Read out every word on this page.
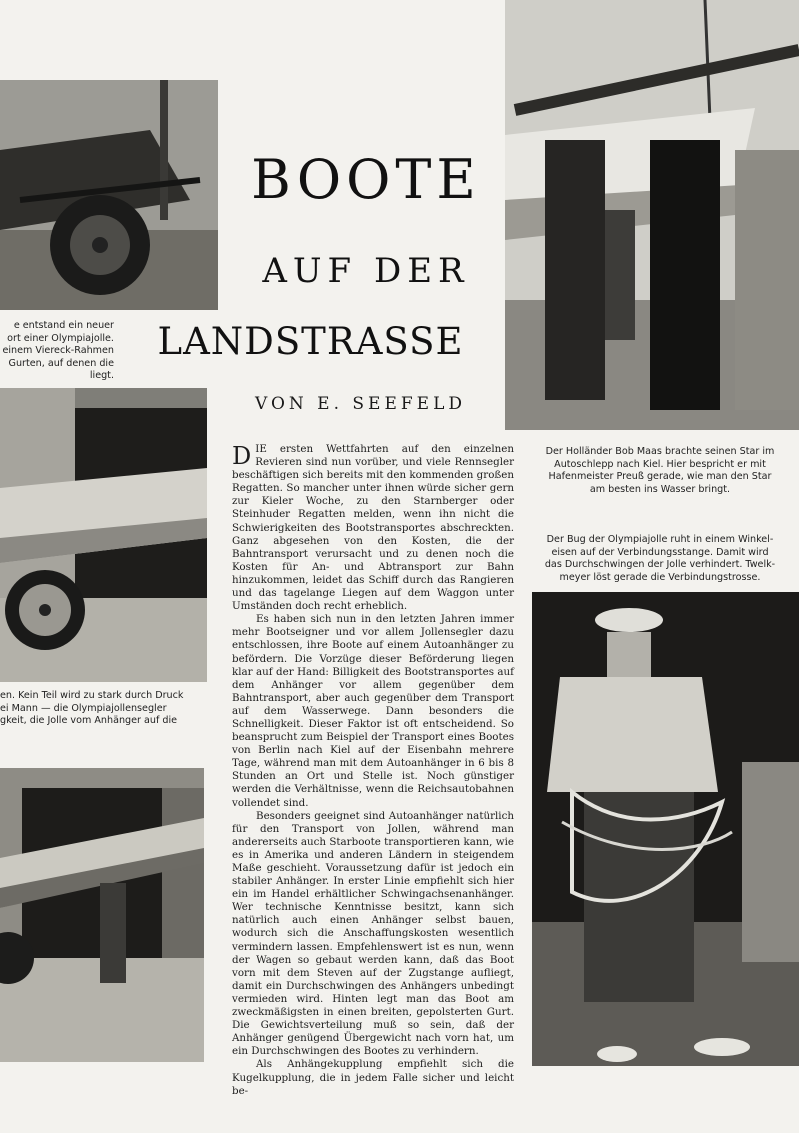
e entstand ein neuer
ort einer Olympiajolle.
einem Viereck-Rahmen
Gurten, auf denen die
liegt.

en. Kein Teil wird zu stark durch Druck
ei Mann — die Olympiajollensegler
gkeit, die Jolle vom Anhänger auf die

BOOTE
AUF DER
LANDSTRASSE

VON E. SEEFELD

DIE ersten Wettfahrten auf den einzelnen Revieren sind nun vorüber, und viele Rennsegler beschäftigen sich bereits mit den kommenden großen Regatten. So mancher unter ihnen würde sicher gern zur Kieler Woche, zu den Starnberger oder Steinhuder Regatten melden, wenn ihn nicht die Schwierigkeiten des Bootstransportes abschreckten. Ganz abgesehen von den Kosten, die der Bahntransport verursacht und zu denen noch die Kosten für An- und Abtransport zur Bahn hinzukommen, leidet das Schiff durch das Rangieren und das tagelange Liegen auf dem Waggon unter Umständen doch recht erheblich.

Es haben sich nun in den letzten Jahren immer mehr Bootseigner und vor allem Jollensegler dazu entschlossen, ihre Boote auf einem Autoanhänger zu befördern. Die Vorzüge dieser Beförderung liegen klar auf der Hand: Billigkeit des Bootstransportes auf dem Anhänger vor allem gegenüber dem Bahntransport, aber auch gegenüber dem Transport auf dem Wasserwege. Dann besonders die Schnelligkeit. Dieser Faktor ist oft entscheidend. So beansprucht zum Beispiel der Transport eines Bootes von Berlin nach Kiel auf der Eisenbahn mehrere Tage, während man mit dem Autoanhänger in 6 bis 8 Stunden an Ort und Stelle ist. Noch günstiger werden die Verhältnisse, wenn die Reichsautobahnen vollendet sind.

Besonders geeignet sind Autoanhänger natürlich für den Transport von Jollen, während man andererseits auch Starboote transportieren kann, wie es in Amerika und anderen Ländern in steigendem Maße geschieht. Voraussetzung dafür ist jedoch ein stabiler Anhänger. In erster Linie empfiehlt sich hier ein im Handel erhältlicher Schwingachsenanhänger. Wer technische Kenntnisse besitzt, kann sich natürlich auch einen Anhänger selbst bauen, wodurch sich die Anschaffungskosten wesentlich vermindern lassen. Empfehlenswert ist es nun, wenn der Wagen so gebaut werden kann, daß das Boot vorn mit dem Steven auf der Zugstange aufliegt, damit ein Durchschwingen des Anhängers unbedingt vermieden wird. Hinten legt man das Boot am zweckmäßigsten in einen breiten, gepolsterten Gurt. Die Gewichtsverteilung muß so sein, daß der Anhänger genügend Übergewicht nach vorn hat, um ein Durchschwingen des Bootes zu verhindern.

Als Anhängekupplung empfiehlt sich die Kugelkupplung, die in jedem Falle sicher und leicht be-

Der Holländer Bob Maas brachte seinen Star im
Autoschlepp nach Kiel. Hier bespricht er mit
Hafenmeister Preuß gerade, wie man den Star
am besten ins Wasser bringt.

Der Bug der Olympiajolle ruht in einem Winkel-
eisen auf der Verbindungsstange. Damit wird
das Durchschwingen der Jolle verhindert. Twelk-
meyer löst gerade die Verbindungstrosse.
